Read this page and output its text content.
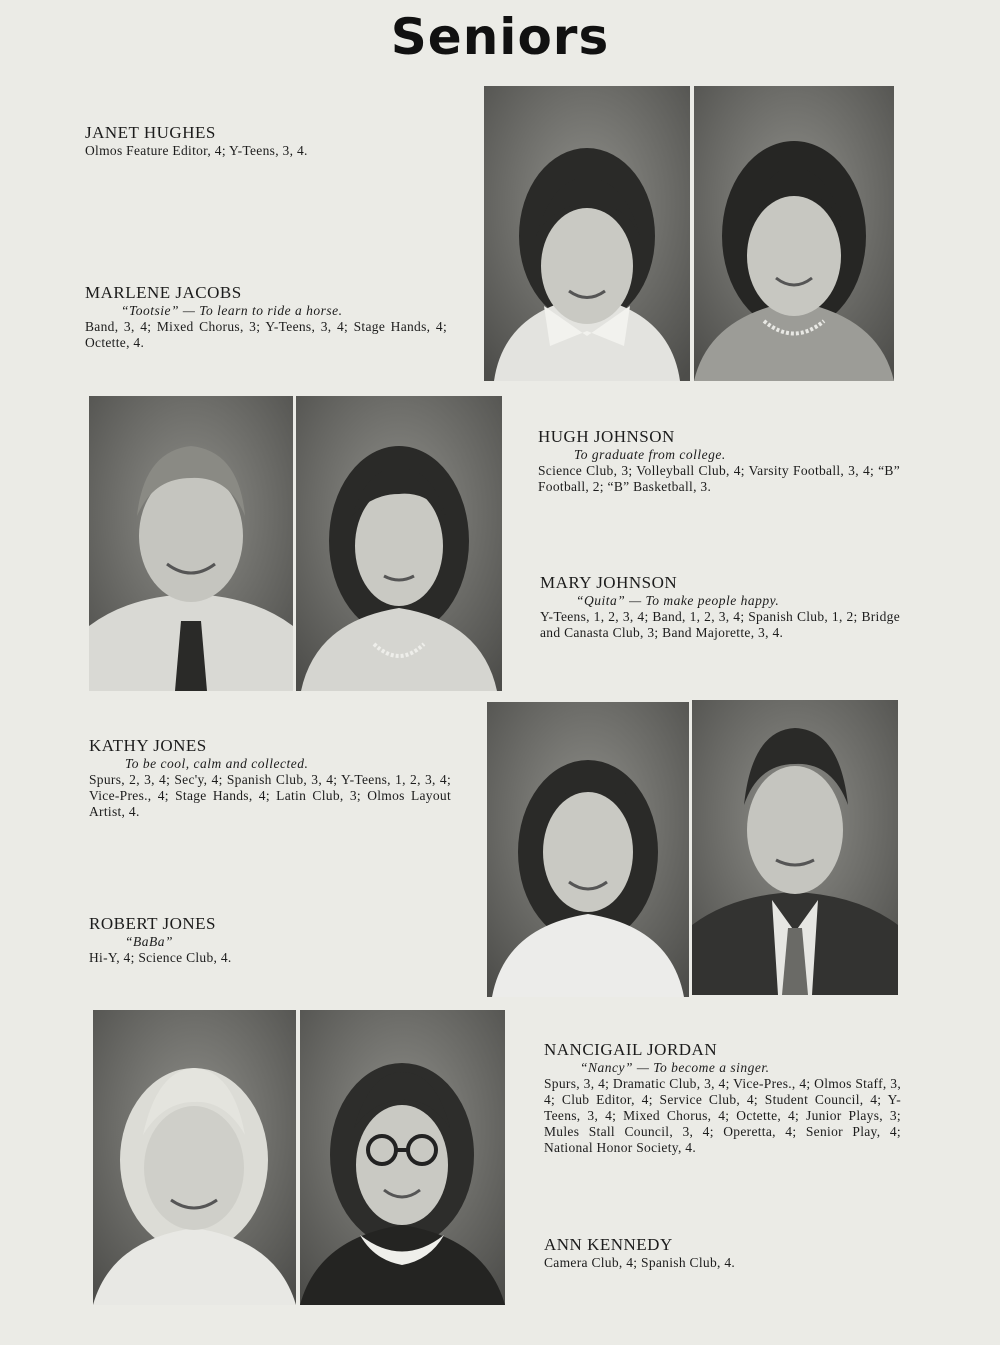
Seniors
JANET HUGHES
Olmos Feature Editor, 4; Y-Teens, 3, 4.
MARLENE JACOBS
“Tootsie” — To learn to ride a horse.
Band, 3, 4; Mixed Chorus, 3; Y-Teens, 3, 4; Stage Hands, 4; Octette, 4.
HUGH JOHNSON
To graduate from college.
Science Club, 3; Volleyball Club, 4; Varsity Football, 3, 4; “B” Football, 2; “B” Basketball, 3.
MARY JOHNSON
“Quita” — To make people happy.
Y-Teens, 1, 2, 3, 4; Band, 1, 2, 3, 4; Spanish Club, 1, 2; Bridge and Canasta Club, 3; Band Majorette, 3, 4.
KATHY JONES
To be cool, calm and collected.
Spurs, 2, 3, 4; Sec'y, 4; Spanish Club, 3, 4; Y-Teens, 1, 2, 3, 4; Vice-Pres., 4; Stage Hands, 4; Latin Club, 3; Olmos Layout Artist, 4.
ROBERT JONES
“BaBa”
Hi-Y, 4; Science Club, 4.
NANCIGAIL JORDAN
“Nancy” — To become a singer.
Spurs, 3, 4; Dramatic Club, 3, 4; Vice-Pres., 4; Olmos Staff, 3, 4; Club Editor, 4; Service Club, 4; Student Council, 4; Y-Teens, 3, 4; Mixed Chorus, 4; Octette, 4; Junior Plays, 3; Mules Stall Council, 3, 4; Operetta, 4; Senior Play, 4; National Honor Society, 4.
ANN KENNEDY
Camera Club, 4; Spanish Club, 4.
